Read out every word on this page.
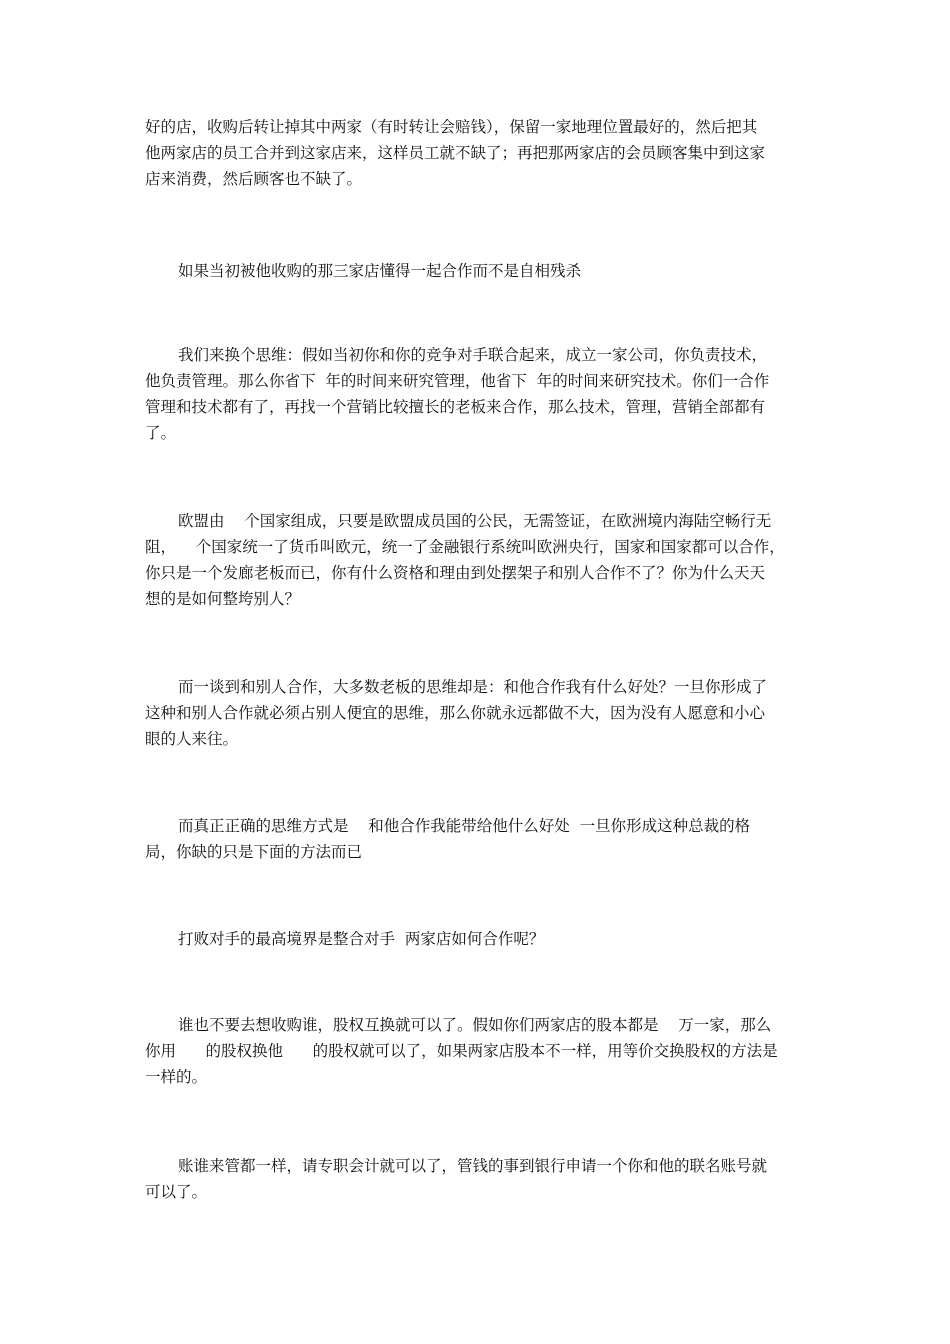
好的店，收购后转让掉其中两家（有时转让会赔钱），保留一家地理位置最好的，然后把其
他两家店的员工合并到这家店来，这样员工就不缺了；再把那两家店的会员顾客集中到这家
店来消费，然后顾客也不缺了。
如果当初被他收购的那三家店懂得一起合作而不是自相残杀
我们来换个思维：假如当初你和你的竞争对手联合起来，成立一家公司，你负责技术，
他负责管理。那么你省下  年的时间来研究管理，他省下  年的时间来研究技术。你们一合作
管理和技术都有了，再找一个营销比较擅长的老板来合作，那么技术，管理，营销全部都有
了。
欧盟由    个国家组成，只要是欧盟成员国的公民，无需签证，在欧洲境内海陆空畅行无
阻，    个国家统一了货币叫欧元，统一了金融银行系统叫欧洲央行，国家和国家都可以合作，
你只是一个发廊老板而已，你有什么资格和理由到处摆架子和别人合作不了？你为什么天天
想的是如何整垮别人？
而一谈到和别人合作，大多数老板的思维却是：和他合作我有什么好处？一旦你形成了
这种和别人合作就必须占别人便宜的思维，那么你就永远都做不大，因为没有人愿意和小心
眼的人来往。
而真正正确的思维方式是    和他合作我能带给他什么好处  一旦你形成这种总裁的格
局，你缺的只是下面的方法而已
打败对手的最高境界是整合对手  两家店如何合作呢？
谁也不要去想收购谁，股权互换就可以了。假如你们两家店的股本都是    万一家，那么
你用      的股权换他      的股权就可以了，如果两家店股本不一样，用等价交换股权的方法是
一样的。
账谁来管都一样，请专职会计就可以了，管钱的事到银行申请一个你和他的联名账号就
可以了。
